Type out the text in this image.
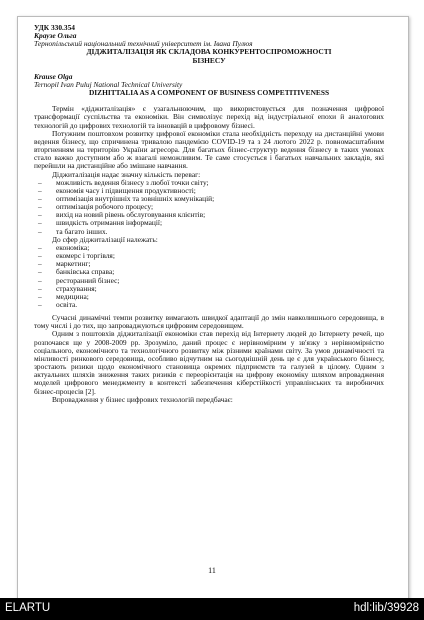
УДК 330.354

Краузе Ольга

Тернопільський національний технічний університет ім. Івана Пулюя

ДІДЖИТАЛІЗАЦІЯ ЯК СКЛАДОВА КОНКУРЕНТОСПРОМОЖНОСТІ

БІЗНЕСУ

Krause Olga

Ternopil Ivan Puluj National Technical University

DIZHITTALIA AS A COMPONENT OF BUSINESS COMPETITIVENESS

Термін «діджиталізація» є узагальнюючим, що використовується для позначення цифрової трансформації суспільства та економіки. Він символізує перехід від індустріальної епохи й аналогових технологій до цифрових технологій та інновацій в цифровому бізнесі.

Потужним поштовхом розвитку цифрової економіки стала необхідність переходу на дистанційні умови ведення бізнесу, що спричинена тривалою пандемією COVID-19 та з 24 лютого 2022 р. повномасштабним вторгненням на територію України агресора. Для багатьох бізнес-структур ведення бізнесу в таких умовах стало важко доступним або ж взагалі неможливим. Те саме стосується і багатьох навчальних закладів, які перейшли на дистанційне або змішане навчання.

Діджиталізація надає значну кількість переваг:

– можливість ведення бізнесу з любої точки світу;
– економія часу і підвищення продуктивності;
– оптимізація внутрішніх та зовнішніх комунікацій;
– оптимізація робочого процесу;
– вихід на новий рівень обслуговування клієнтів;
– швидкість отримання інформації;
– та багато інших.

До сфер діджиталізації належать:

– економіка;
– екомерс і торгівля;
– маркетинг;
– банківська справа;
– ресторанний бізнес;
– страхування;
– медицина;
– освіта.

Сучасні динамічні темпи розвитку вимагають швидкої адаптації до змін навколишнього середовища, в тому числі і до тих, що запроваджуються цифровим середовищем.

Одним з поштовхів діджиталізації економіки став перехід від Інтернету людей до Інтернету речей, що розпочався ще у 2008-2009 рр. Зрозуміло, даний процес є нерівномірним у зв'язку з нерівномірністю соціального, економічного та технологічного розвитку між різними країнами світу. За умов динамічності та мінливості ринкового середовища, особливо відчутним на сьогоднішній день це є для українського бізнесу, зростають ризики щодо економічного становища окремих підприємств та галузей в цілому. Одним з актуальних шляхів зниження таких ризиків є переорієнтація на цифрову економіку шляхом впровадження моделей цифрового менеджменту в контексті забезпечення кіберстійкості управлінських та виробничих бізнес-процесів [2].

Впровадження у бізнес цифрових технологій передбачає:

11
ELARTU	hdl:lib/39928
